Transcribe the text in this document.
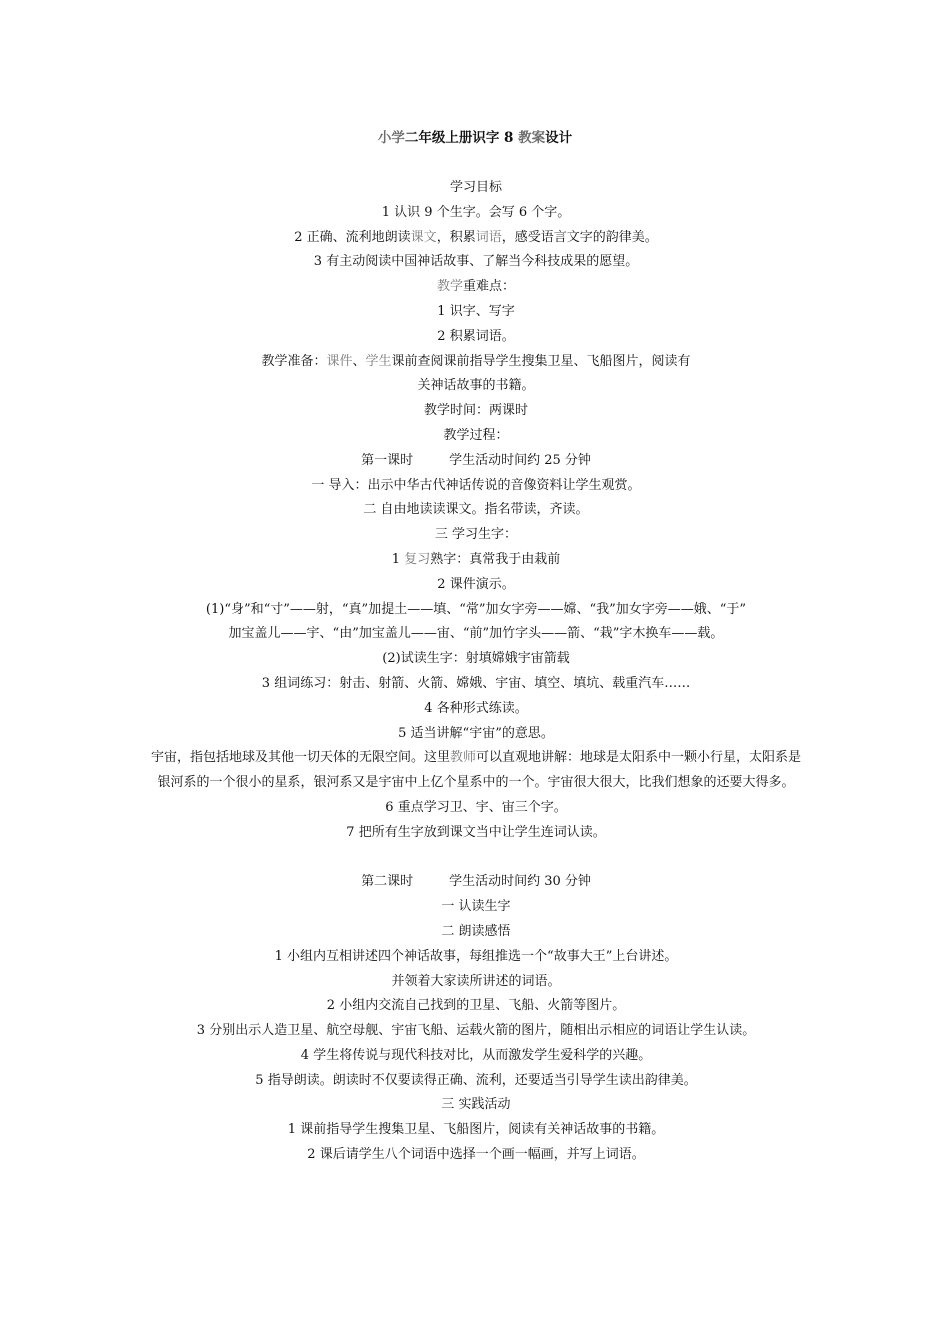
小学二年级上册识字 8 教案设计
学习目标
1 认识 9 个生字。会写 6 个字。
2 正确、流利地朗读课文，积累词语，感受语言文字的韵律美。
3 有主动阅读中国神话故事、了解当今科技成果的愿望。
教学重难点：
1 识字、写字
2 积累词语。
教学准备：课件、学生课前查阅课前指导学生搜集卫星、飞船图片，阅读有
关神话故事的书籍。
教学时间：两课时
教学过程：
第一课时	学生活动时间约 25 分钟
一 导入：出示中华古代神话传说的音像资料让学生观赏。
二 自由地读读课文。指名带读，齐读。
三 学习生字：
1 复习熟字：真常我于由栽前
2 课件演示。
(1)“身”和“寸”——射，“真”加提土——填、“常”加女字旁——嫦、“我”加女字旁——娥、“于”
加宝盖儿——宇、“由”加宝盖儿——宙、“前”加竹字头——箭、“栽”字木换车——载。
(2)试读生字：射填嫦娥宇宙箭载
3 组词练习：射击、射箭、火箭、嫦娥、宇宙、填空、填坑、载重汽车……
4 各种形式练读。
5 适当讲解“宇宙”的意思。
宇宙，指包括地球及其他一切天体的无限空间。这里教师可以直观地讲解：地球是太阳系中一颗小行星，太阳系是银河系的一个很小的星系，银河系又是宇宙中上亿个星系中的一个。宇宙很大很大，比我们想象的还要大得多。
6 重点学习卫、宇、宙三个字。
7 把所有生字放到课文当中让学生连词认读。
第二课时	学生活动时间约 30 分钟
一 认读生字
二 朗读感悟
1 小组内互相讲述四个神话故事，每组推选一个“故事大王”上台讲述。
并领着大家读所讲述的词语。
2 小组内交流自己找到的卫星、飞船、火箭等图片。
3 分别出示人造卫星、航空母舰、宇宙飞船、运载火箭的图片，随相出示相应的词语让学生认读。
4 学生将传说与现代科技对比，从而激发学生爱科学的兴趣。
5 指导朗读。朗读时不仅要读得正确、流利，还要适当引导学生读出韵律美。
三 实践活动
1 课前指导学生搜集卫星、飞船图片，阅读有关神话故事的书籍。
2 课后请学生八个词语中选择一个画一幅画，并写上词语。
